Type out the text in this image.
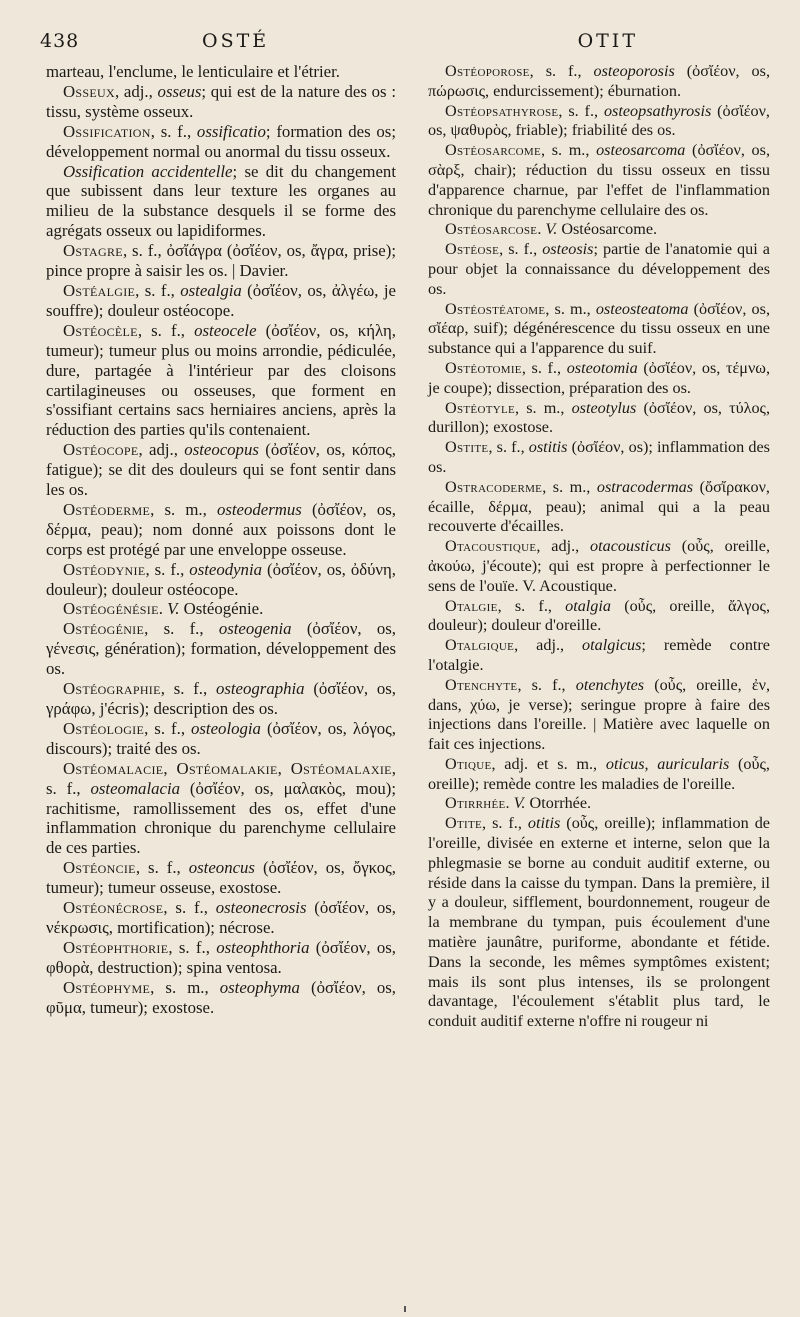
438	OSTÉ	OTIT

marteau, l'enclume, le lenticulaire et l'étrier.

Osseux, adj., osseus; qui est de la nature des os : tissu, système osseux.

Ossification, s. f., ossificatio; formation des os; développement normal ou anormal du tissu osseux.

Ossification accidentelle; se dit du changement que subissent dans leur texture les organes au milieu de la substance desquels il se forme des agrégats osseux ou lapidiformes.

Ostagre, s. f., ὀσἴάγρα (ὀσἴέον, os, ἄγρα, prise); pince propre à saisir les os. | Davier.

Ostéalgie, s. f., ostealgia (ὀσἴέον, os, ἀλγέω, je souffre); douleur ostéocope.

Ostéocèle, s. f., osteocele (ὀσἴέον, os, κήλη, tumeur); tumeur plus ou moins arrondie, pédiculée, dure, partagée à l'intérieur par des cloisons cartilagineuses ou osseuses, que forment en s'ossifiant certains sacs herniaires anciens, après la réduction des parties qu'ils contenaient.

Ostéocope, adj., osteocopus (ὀσἴέον, os, κόπος, fatigue); se dit des douleurs qui se font sentir dans les os.

Ostéoderme, s. m., osteodermus (ὀσἴέον, os, δέρμα, peau); nom donné aux poissons dont le corps est protégé par une enveloppe osseuse.

Ostéodynie, s. f., osteodynia (ὀσἴέον, os, ὀδύνη, douleur); douleur ostéocope.

Ostéogénésie. V. Ostéogénie.

Ostéogénie, s. f., osteogenia (ὀσἴέον, os, γένεσις, génération); formation, développement des os.

Ostéographie, s. f., osteographia (ὀσἴέον, os, γράφω, j'écris); description des os.

Ostéologie, s. f., osteologia (ὀσἴέον, os, λόγος, discours); traité des os.

Ostéomalacie, Ostéomalakie, Ostéomalaxie, s. f., osteomalacia (ὀσἴέον, os, μαλακὸς, mou); rachitisme, ramollissement des os, effet d'une inflammation chronique du parenchyme cellulaire de ces parties.

Ostéoncie, s. f., osteoncus (ὀσἴέον, os, ὄγκος, tumeur); tumeur osseuse, exostose.

Ostéonécrose, s. f., osteonecrosis (ὀσἴέον, os, νέκρωσις, mortification); nécrose.

Ostéophthorie, s. f., osteophthoria (ὀσἴέον, os, φθορὰ, destruction); spina ventosa.

Ostéophyme, s. m., osteophyma (ὀσἴέον, os, φῦμα, tumeur); exostose.

Ostéoporose, s. f., osteoporosis (ὀσἴέον, os, πώρωσις, endurcissement); éburnation.

Ostéopsathyrose, s. f., osteopsathyrosis (ὀσἴέον, os, ψαθυρὸς, friable); friabilité des os.

Ostéosarcome, s. m., osteosarcoma (ὀσἴέον, os, σὰρξ, chair); réduction du tissu osseux en tissu d'apparence charnue, par l'effet de l'inflammation chronique du parenchyme cellulaire des os.

Ostéosarcose. V. Ostéosarcome.

Ostéose, s. f., osteosis; partie de l'anatomie qui a pour objet la connaissance du développement des os.

Ostéostéatome, s. m., osteosteatoma (ὀσἴέον, os, σἴέαρ, suif); dégénérescence du tissu osseux en une substance qui a l'apparence du suif.

Ostéotomie, s. f., osteotomia (ὀσἴέον, os, τέμνω, je coupe); dissection, préparation des os.

Ostéotyle, s. m., osteotylus (ὀσἴέον, os, τύλος, durillon); exostose.

Ostite, s. f., ostitis (ὀσἴέον, os); inflammation des os.

Ostracoderme, s. m., ostracodermas (ὄσἴρακον, écaille, δέρμα, peau); animal qui a la peau recouverte d'écailles.

Otacoustique, adj., otacousticus (οὖς, oreille, ἀκούω, j'écoute); qui est propre à perfectionner le sens de l'ouïe. V. Acoustique.

Otalgie, s. f., otalgia (οὖς, oreille, ἄλγος, douleur); douleur d'oreille.

Otalgique, adj., otalgicus; remède contre l'otalgie.

Otenchyte, s. f., otenchytes (οὖς, oreille, ἐν, dans, χύω, je verse); seringue propre à faire des injections dans l'oreille. | Matière avec laquelle on fait ces injections.

Otique, adj. et s. m., oticus, auricularis (οὖς, oreille); remède contre les maladies de l'oreille.

Otirrhée. V. Otorrhée.

Otite, s. f., otitis (οὖς, oreille); inflammation de l'oreille, divisée en externe et interne, selon que la phlegmasie se borne au conduit auditif externe, ou réside dans la caisse du tympan. Dans la première, il y a douleur, sifflement, bourdonnement, rougeur de la membrane du tympan, puis écoulement d'une matière jaunâtre, puriforme, abondante et fétide. Dans la seconde, les mêmes symptômes existent; mais ils sont plus intenses, ils se prolongent davantage, l'écoulement s'établit plus tard, le conduit auditif externe n'offre ni rougeur ni
